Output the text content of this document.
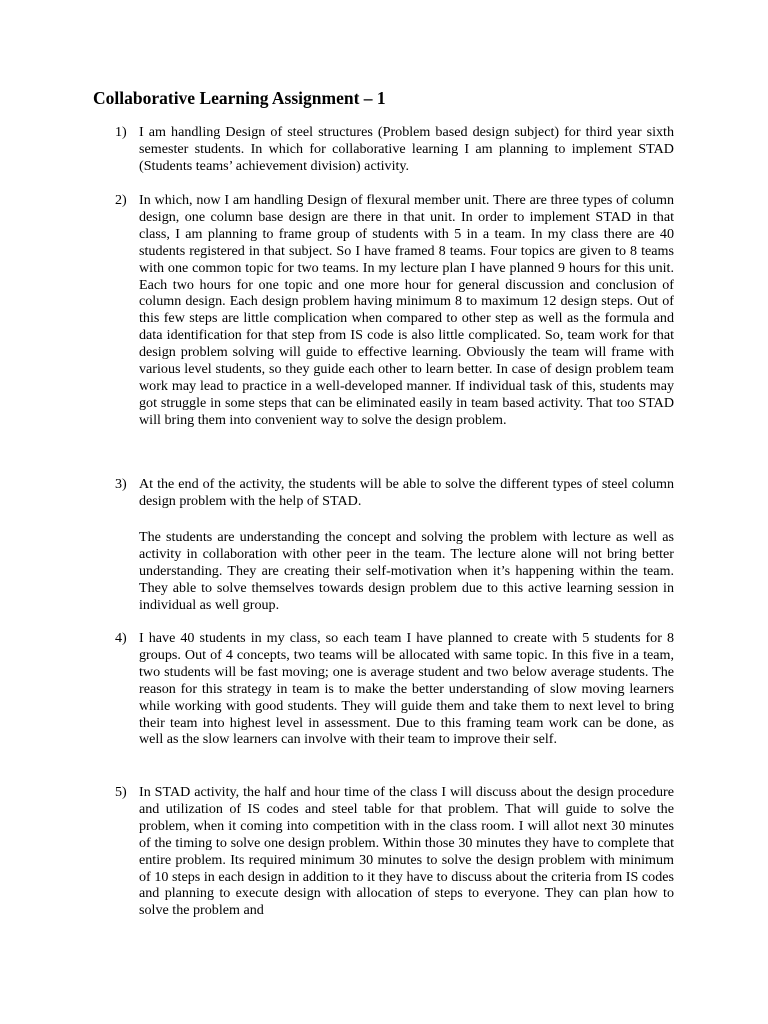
Collaborative Learning Assignment – 1
1) I am handling Design of steel structures (Problem based design subject) for third year sixth semester students. In which for collaborative learning I am planning to implement STAD (Students teams’ achievement division) activity.
2) In which, now I am handling Design of flexural member unit. There are three types of column design, one column base design are there in that unit. In order to implement STAD in that class, I am planning to frame group of students with 5 in a team. In my class there are 40 students registered in that subject. So I have framed 8 teams. Four topics are given to 8 teams with one common topic for two teams. In my lecture plan I have planned 9 hours for this unit. Each two hours for one topic and one more hour for general discussion and conclusion of column design. Each design problem having minimum 8 to maximum 12 design steps. Out of this few steps are little complication when compared to other step as well as the formula and data identification for that step from IS code is also little complicated. So, team work for that design problem solving will guide to effective learning. Obviously the team will frame with various level students, so they guide each other to learn better. In case of design problem team work may lead to practice in a well-developed manner. If individual task of this, students may got struggle in some steps that can be eliminated easily in team based activity. That too STAD will bring them into convenient way to solve the design problem.
3) At the end of the activity, the students will be able to solve the different types of steel column design problem with the help of STAD.
The students are understanding the concept and solving the problem with lecture as well as activity in collaboration with other peer in the team. The lecture alone will not bring better understanding. They are creating their self-motivation when it’s happening within the team. They able to solve themselves towards design problem due to this active learning session in individual as well group.
4) I have 40 students in my class, so each team I have planned to create with 5 students for 8 groups. Out of 4 concepts, two teams will be allocated with same topic. In this five in a team, two students will be fast moving; one is average student and two below average students. The reason for this strategy in team is to make the better understanding of slow moving learners while working with good students. They will guide them and take them to next level to bring their team into highest level in assessment. Due to this framing team work can be done, as well as the slow learners can involve with their team to improve their self.
5) In STAD activity, the half and hour time of the class I will discuss about the design procedure and utilization of IS codes and steel table for that problem. That will guide to solve the problem, when it coming into competition with in the class room. I will allot next 30 minutes of the timing to solve one design problem. Within those 30 minutes they have to complete that entire problem. Its required minimum 30 minutes to solve the design problem with minimum of 10 steps in each design in addition to it they have to discuss about the criteria from IS codes and planning to execute design with allocation of steps to everyone. They can plan how to solve the problem and
